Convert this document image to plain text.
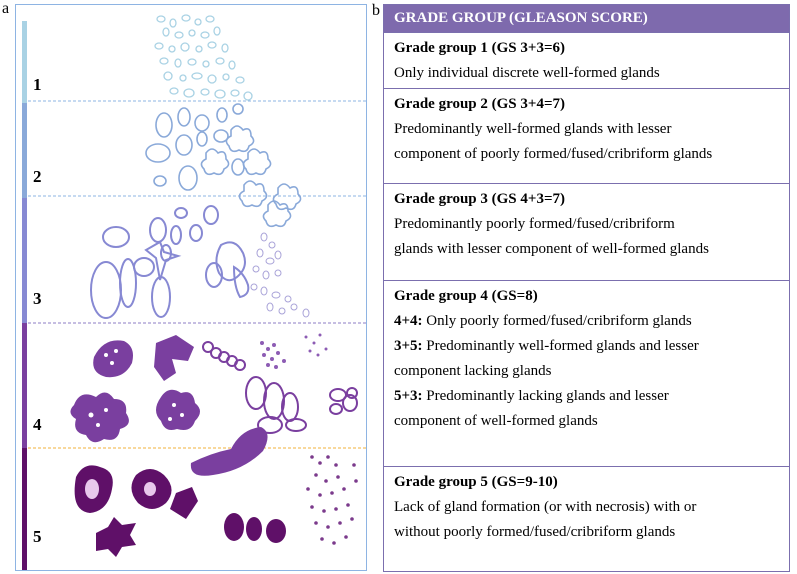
a	b
1
2
3
4
5
GRADE GROUP (GLEASON SCORE)

Grade group 1 (GS 3+3=6)

Only individual discrete well-formed glands

Grade group 2 (GS 3+4=7)

Predominantly well-formed glands with lesser

component of poorly formed/fused/cribriform glands

Grade group 3 (GS 4+3=7)

Predominantly poorly formed/fused/cribriform

glands with lesser component of well-formed glands

Grade group 4 (GS=8)

4+4: Only poorly formed/fused/cribriform glands

3+5: Predominantly well-formed glands and lesser

component lacking glands

5+3: Predominantly lacking glands and lesser

component of well-formed glands

Grade group 5 (GS=9-10)

Lack of gland formation (or with necrosis) with or

without poorly formed/fused/cribriform glands
